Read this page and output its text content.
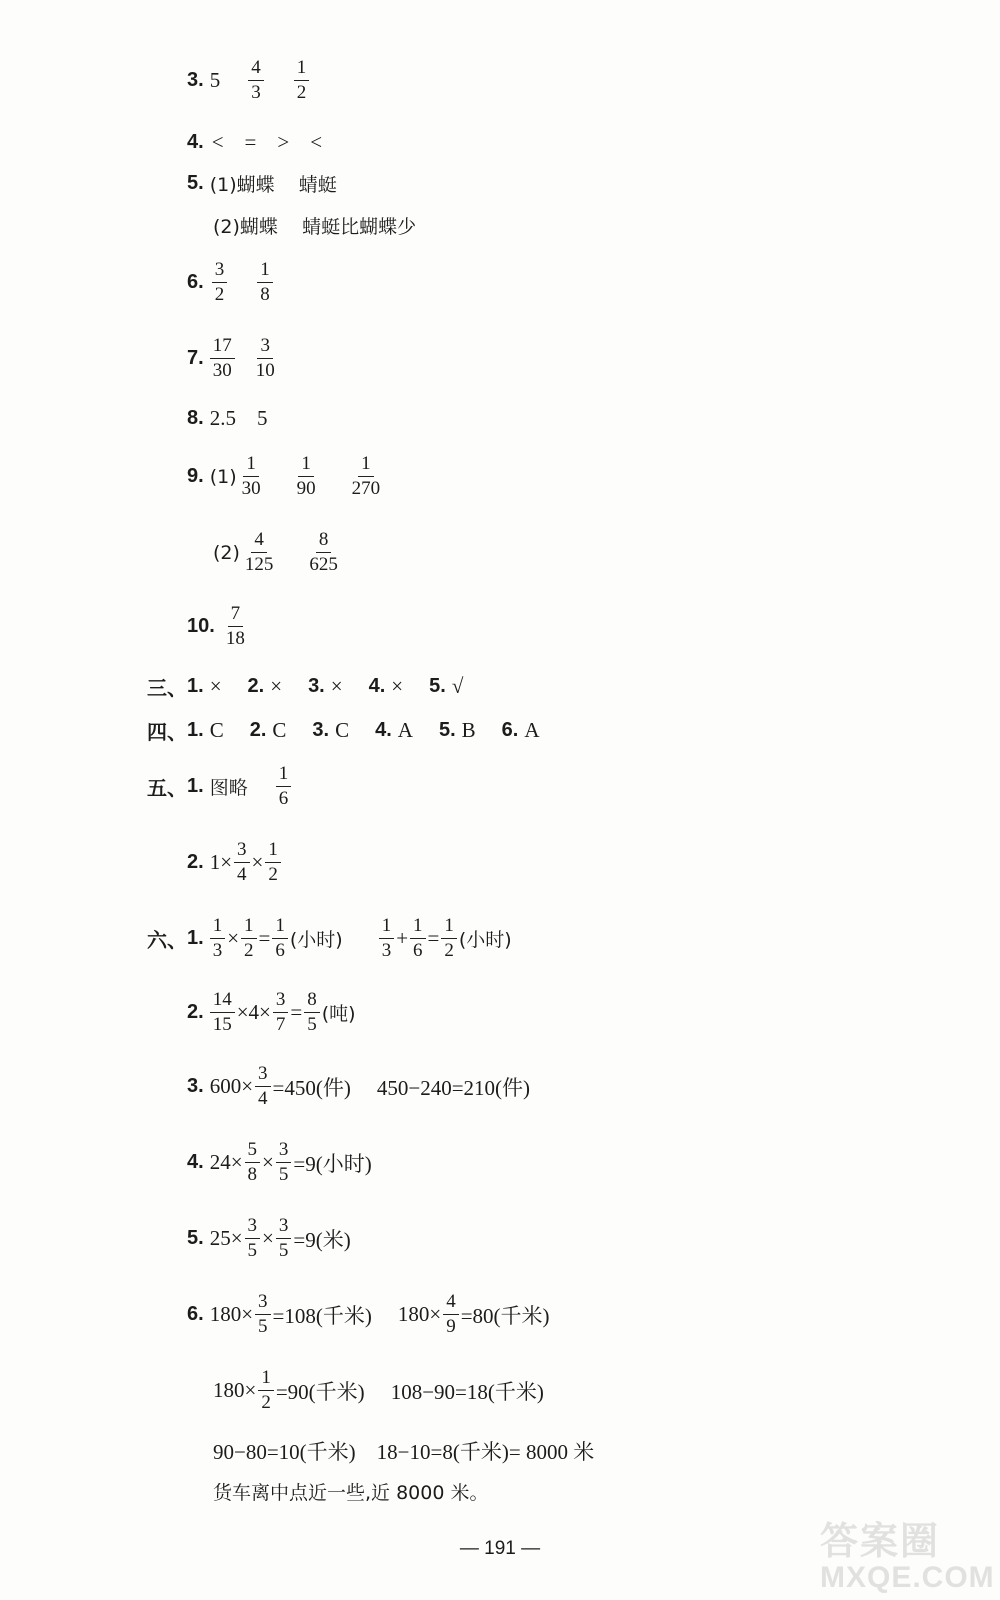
3. $5 \frac{4}{3} \frac{1}{2}$
4. <    =    >    <
5. (1)蝴蝶    蜻蜓
(2)蝴蝶    蜻蜓比蝴蝶少
6. $\frac{3}{2} \frac{1}{8}$
7. $\frac{17}{30} \frac{3}{10}$
8. 2.5    5
9. $(1) \frac{1}{30} \frac{1}{90} \frac{1}{270}$
$(2) \frac{4}{125} \frac{8}{625}$
10. $\frac{7}{18}$
三、 1. × 2. × 3. × 4. × 5. √
四、 1. C 2. C 3. C 4. A 5. B 6. A
五、 1. 图略 $\frac{1}{6}$
2. $1\times \frac{3}{4} \times \frac{1}{2}$
六、 1. $\frac{1}{3} \times \frac{1}{2} = \frac{1}{6}$ (小时) $\frac{1}{3} + \frac{1}{6} = \frac{1}{2}$ (小时)
2. $\frac{14}{15} \times 4\times \frac{3}{7} = \frac{8}{5}$ (吨)
3. $600\times \frac{3}{4} =450$(件) 450−240=210(件)
4. $24\times \frac{5}{8} \times \frac{3}{5} =9$(小时)
5. $25\times \frac{3}{5} \times \frac{3}{5} =9$(米)
6. $180\times \frac{3}{5} =108$(千米) $180\times \frac{4}{9} =80$(千米)
$180\times \frac{1}{2} =90$(千米) 108−90=18(千米)
90−80=10(千米)    18−10=8(千米)= 8000 米
货车离中点近一些,近 8000 米。
— 191 —	答案圈
MXQE.COM
